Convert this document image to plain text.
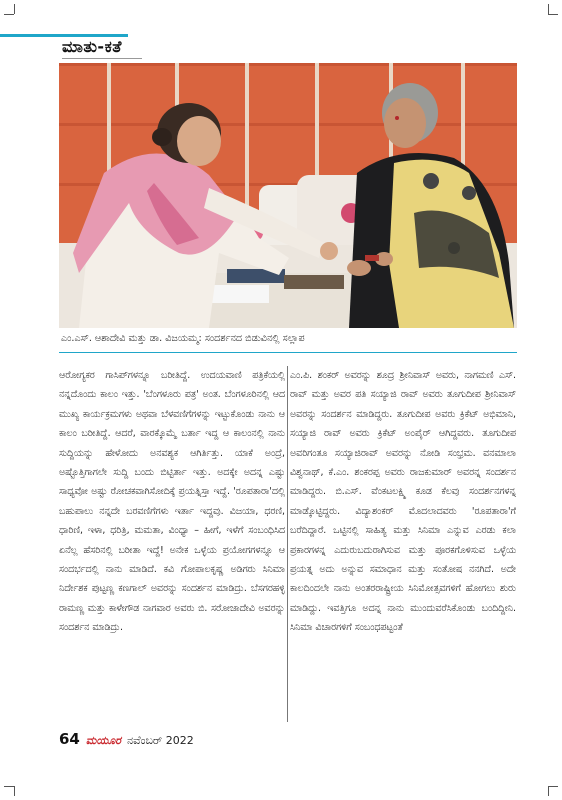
ಮಾತು-ಕತೆ
ಎಂ.ಎಸ್. ಆಶಾದೇವಿ ಮತ್ತು ಡಾ. ವಿಜಯಮ್ಮ: ಸಂದರ್ಶನದ ಬಿಡುವಿನಲ್ಲಿ ಸಲ್ಲಾಪ

ಆರೋಗ್ಯಕರ ಗಾಸಿಪ್‌ಗಳನ್ನೂ ಬರೀತಿದ್ದೆ. ಉದಯವಾಣಿ ಪತ್ರಿಕೆಯಲ್ಲಿ ನನ್ನದೊಂದು ಕಾಲಂ ಇತ್ತು. 'ಬೆಂಗಳೂರು ಪತ್ರ' ಅಂತ. ಬೆಂಗಳೂರಿನಲ್ಲಿ ಆದ ಮುಖ್ಯ ಕಾರ್ಯಕ್ರಮಗಳು ಅಥವಾ ಬೆಳವಣಿಗೆಗಳನ್ನು ಇಟ್ಟುಕೊಂಡು ನಾನು ಆ ಕಾಲಂ ಬರೀತಿದ್ದೆ. ಆದರೆ, ವಾರಕ್ಕೊಮ್ಮೆ ಬರ್ತಾ ಇದ್ದ ಆ ಕಾಲಂನಲ್ಲಿ ನಾನು ಸುದ್ದಿಯನ್ನು ಹೇಳೋದು ಅನವಶ್ಯಕ ಆಗಿರ್ತಿತ್ತು. ಯಾಕೆ ಅಂದ್ರೆ, ಅಷ್ಟೊತ್ತಿಗಾಗಲೇ ಸುದ್ದಿ ಬಂದು ಬಿಟ್ಟಿರ್ತಾ ಇತ್ತು. ಅದಕ್ಕೇ ಅದನ್ನ ಎಷ್ಟು ಸಾಧ್ಯವೋ ಅಷ್ಟು ರೋಚಕವಾಗಿಸೋದಿಕ್ಕೆ ಪ್ರಯತ್ನಿಸ್ತಾ ಇದ್ದೆ. 'ರೂಪತಾರಾ'ದಲ್ಲಿ ಬಹುಪಾಲು ನನ್ನದೇ ಬರವಣಿಗೆಗಳು ಇರ್ತಾ ಇದ್ದವು. ವಿಜಯಾ, ಧರಣಿ, ಧಾರಿಣಿ, ಇಳಾ, ಧರಿತ್ರಿ, ಮಮತಾ, ವಿಂಧ್ಯಾ – ಹೀಗೆ, ಇಳೆಗೆ ಸಂಬಂಧಿಸಿದ ಏನೆಲ್ಲ ಹೆಸರಿನಲ್ಲಿ ಬರೀತಾ ಇದ್ದೆ! ಅನೇಕ ಒಳ್ಳೆಯ ಪ್ರಯೋಗಗಳನ್ನೂ ಆ ಸಂದರ್ಭದಲ್ಲಿ ನಾನು ಮಾಡಿದೆ. ಕವಿ ಗೋಪಾಲಕೃಷ್ಣ ಅಡಿಗರು ಸಿನಿಮಾ ನಿರ್ದೇಶಕ ಪುಟ್ಟಣ್ಣ ಕಣಗಾಲ್ ಅವರನ್ನು ಸಂದರ್ಶನ ಮಾಡಿದ್ರು. ಬೆಸಗರಹಳ್ಳಿ ರಾಮಣ್ಣ ಮತ್ತು ಕಾಳೇಗೌಡ ನಾಗವಾರ ಅವರು ಬಿ. ಸರೋಜಾದೇವಿ ಅವರನ್ನು ಸಂದರ್ಶನ ಮಾಡಿದ್ರು.

ಎಂ.ಪಿ. ಶಂಕರ್ ಅವರನ್ನು ಶೂದ್ರ ಶ್ರೀನಿವಾಸ್ ಅವರು, ನಾಗಮಣಿ ಎಸ್. ರಾವ್ ಮತ್ತು ಅವರ ಪತಿ ಸಯ್ಯಾಜಿ ರಾವ್ ಅವರು ತೂಗುದೀಪ ಶ್ರೀನಿವಾಸ್ ಅವರನ್ನು ಸಂದರ್ಶನ ಮಾಡಿದ್ದರು. ತೂಗುದೀಪ ಅವರು ಕ್ರಿಕೆಟ್ ಅಭಿಮಾನಿ, ಸಯ್ಯಾಜಿ ರಾವ್ ಅವರು ಕ್ರಿಕೆಟ್ ಅಂಪೈರ್ ಆಗಿದ್ದವರು. ತೂಗುದೀಪ ಅವರಿಗಂತೂ ಸಯ್ಯಾಜಿರಾವ್ ಅವರನ್ನು ನೋಡಿ ಸಂಭ್ರಮ. ವನಮಾಲಾ ವಿಶ್ವನಾಥ್, ಕೆ.ಎಂ. ಶಂಕರಪ್ಪ ಅವರು ರಾಜಕುಮಾರ್ ಅವರನ್ನ ಸಂದರ್ಶನ ಮಾಡಿದ್ದರು. ಬಿ.ಎಸ್. ವೆಂಕಟಲಕ್ಷ್ಮಿ ಕೂಡ ಕೆಲವು ಸಂದರ್ಶನಗಳನ್ನ ಮಾಡ್ಕೊಟ್ಟಿದ್ದರು. ವಿದ್ಯಾಶಂಕರ್ ಮೊದಲಾದವರು 'ರೂಪತಾರಾ'ಗೆ ಬರೆದಿದ್ದಾರೆ. ಒಟ್ಟಿನಲ್ಲಿ ಸಾಹಿತ್ಯ ಮತ್ತು ಸಿನಿಮಾ ಎನ್ನುವ ಎರಡು ಕಲಾ ಪ್ರಕಾರಗಳನ್ನ ಎದುರುಬದುರಾಗಿಸುವ ಮತ್ತು ಪೂರಕಗೊಳಿಸುವ ಒಳ್ಳೆಯ ಪ್ರಯತ್ನ ಅದು ಅನ್ನುವ ಸಮಾಧಾನ ಮತ್ತು ಸಂತೋಷ ನನಗಿದೆ. ಅದೇ ಕಾಲದಿಂದಲೇ ನಾನು ಅಂತರರಾಷ್ಟ್ರೀಯ ಸಿನಿಮೋತ್ಸವಗಳಿಗೆ ಹೋಗಲು ಶುರು ಮಾಡಿದ್ದು. ಇವತ್ತಿಗೂ ಅದನ್ನ ನಾನು ಮುಂದುವರೆಸಿಕೊಂಡು ಬಂದಿದ್ದೀನಿ. ಸಿನಿಮಾ ವಿಚಾರಗಳಿಗೆ ಸಂಬಂಧಪಟ್ಟಂತೆ

64 ಮಯೂರ ನವೆಂಬರ್ 2022
